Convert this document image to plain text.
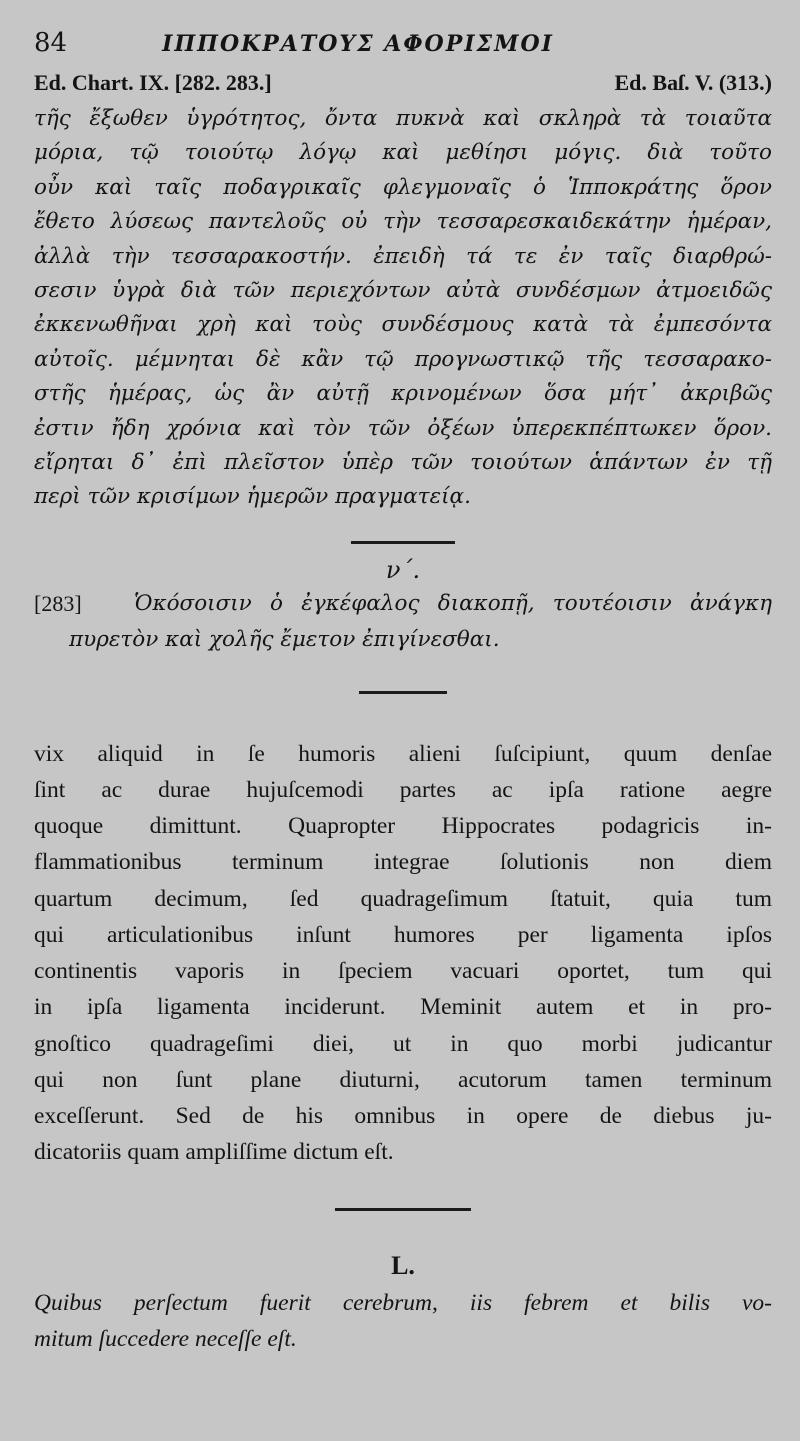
84	ΙΠΠΟΚΡΑΤΟΥΣ ΑΦΟΡΙΣΜΟΙ
Ed. Chart. IX. [282. 283.]	Ed. Baſ. V. (313.)
τῆς ἔξωθεν ὑγρότητος, ὄντα πυκνὰ καὶ σκληρὰ τὰ τοιαῦτα
μόρια, τῷ τοιούτῳ λόγῳ καὶ μεθίησι μόγις. διὰ τοῦτο
οὖν καὶ ταῖς ποδαγρικαῖς φλεγμοναῖς ὁ Ἱπποκράτης ὅρον
ἔθετο λύσεως παντελοῦς οὐ τὴν τεσσαρεσκαιδεκάτην ἡμέραν,
ἀλλὰ τὴν τεσσαρακοστήν. ἐπειδὴ τά τε ἐν ταῖς διαρθρώ-
σεσιν ὑγρὰ διὰ τῶν περιεχόντων αὐτὰ συνδέσμων ἀτμοειδῶς
ἐκκενωθῆναι χρὴ καὶ τοὺς συνδέσμους κατὰ τὰ ἐμπεσόντα
αὐτοῖς. μέμνηται δὲ κἂν τῷ προγνωστικῷ τῆς τεσσαρακο-
στῆς ἡμέρας, ὡς ἂν αὐτῇ κρινομένων ὅσα μήτ᾽ ἀκριβῶς
ἐστιν ἤδη χρόνια καὶ τὸν τῶν ὀξέων ὑπερεκπέπτωκεν ὅρον.
εἴρηται δ᾽ ἐπὶ πλεῖστον ὑπὲρ τῶν τοιούτων ἁπάντων ἐν τῇ
περὶ τῶν κρισίμων ἡμερῶν πραγματείᾳ.
ν΄.
[283]	Ὁκόσοισιν ὁ ἐγκέφαλος διακοπῇ, τουτέοισιν ἀνάγκη
πυρετὸν καὶ χολῆς ἔμετον ἐπιγίνεσθαι.
vix aliquid in ſe humoris alieni ſuſcipiunt, quum denſae
ſint ac durae hujuſcemodi partes ac ipſa ratione aegre
quoque dimittunt. Quapropter Hippocrates podagricis in-
flammationibus terminum integrae ſolutionis non diem
quartum decimum, ſed quadrageſimum ſtatuit, quia tum
qui articulationibus inſunt humores per ligamenta ipſos
continentis vaporis in ſpeciem vacuari oportet, tum qui
in ipſa ligamenta inciderunt. Meminit autem et in pro-
gnoſtico quadrageſimi diei, ut in quo morbi judicantur
qui non ſunt plane diuturni, acutorum tamen terminum
exceſſerunt. Sed de his omnibus in opere de diebus ju-
dicatoriis quam ampliſſime dictum eſt.
L.
Quibus perſectum fuerit cerebrum, iis febrem et bilis vo-
mitum ſuccedere neceſſe eſt.
